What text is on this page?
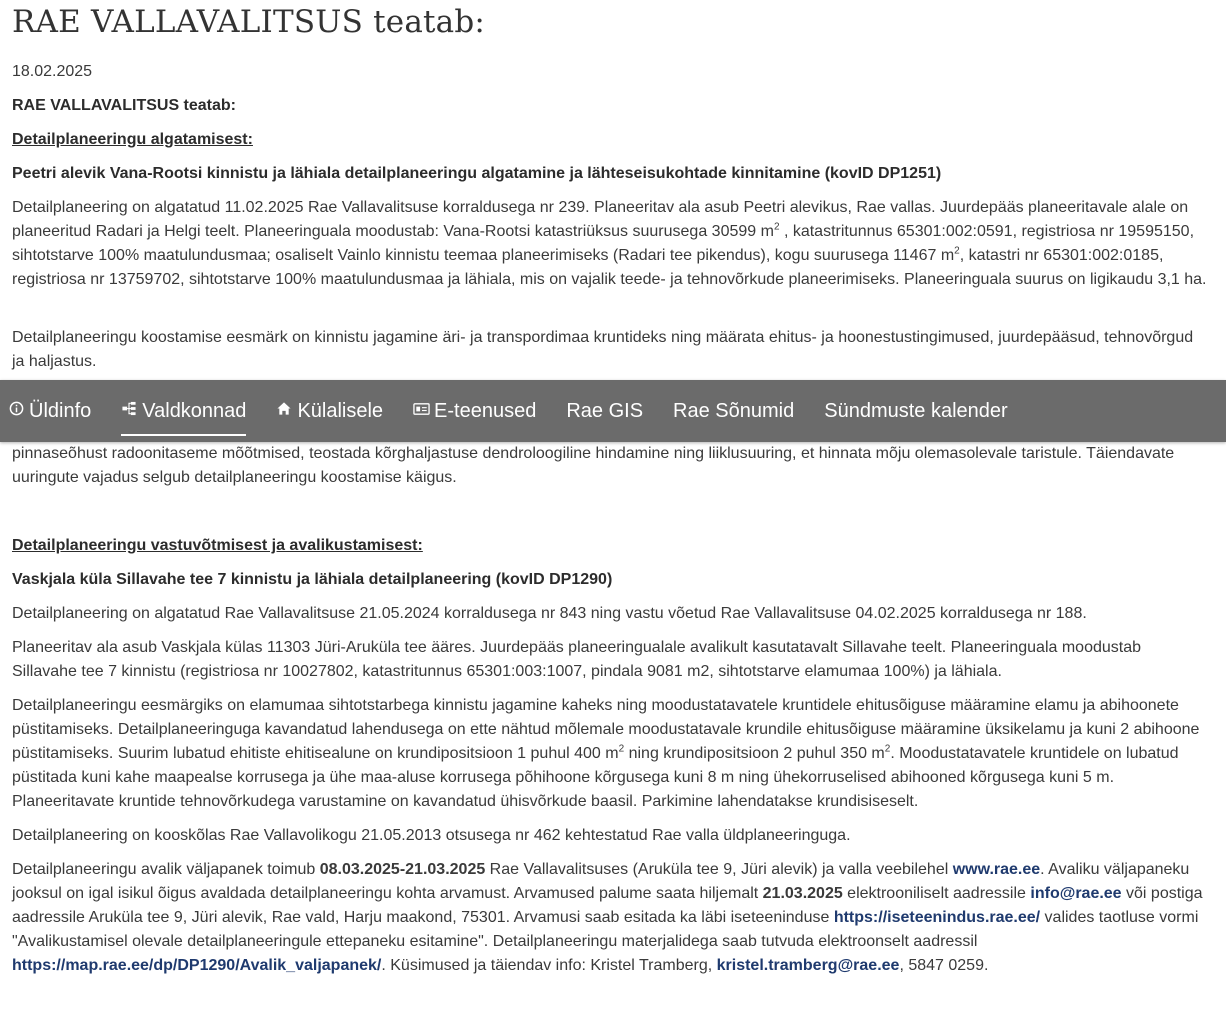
RAE VALLAVALITSUS teatab:

18.02.2025

RAE VALLAVALITSUS teatab:

Detailplaneeringu algatamisest:

Peetri alevik Vana-Rootsi kinnistu ja lähiala detailplaneeringu algatamine ja lähteseisukohtade kinnitamine (kovID DP1251)

Detailplaneering on algatatud 11.02.2025 Rae Vallavalitsuse korraldusega nr 239. Planeeritav ala asub Peetri alevikus, Rae vallas. Juurdepääs planeeritavale alale on planeeritud Radari ja Helgi teelt. Planeeringuala moodustab: Vana-Rootsi katastriüksus suurusega 30599 $m^2$ , katastritunnus 65301:002:0591, registriosa nr 19595150, sihtotstarve 100% maatulundusmaa; osaliselt Vainlo kinnistu teemaa planeerimiseks (Radari tee pikendus), kogu suurusega 11467 $m^2$, katastri nr 65301:002:0185, registriosa nr 13759702, sihtotstarve 100% maatulundusmaa ja lähiala, mis on vajalik teede- ja tehnovõrkude planeerimiseks. Planeeringuala suurus on ligikaudu 3,1 ha.

Detailplaneeringu koostamise eesmärk on kinnistu jagamine äri- ja transpordimaa kruntideks ning määrata ehitus- ja hoonestustingimused, juurdepääsud, tehnovõrgud ja haljastus.

pinnaseõhust radoonitaseme mõõtmised, teostada kõrghaljastuse dendroloogiline hindamine ning liiklusuuring, et hinnata mõju olemasolevale taristule. Täiendavate uuringute vajadus selgub detailplaneeringu koostamise käigus.

Detailplaneeringu vastuvõtmisest ja avalikustamisest:

Vaskjala küla Sillavahe tee 7 kinnistu ja lähiala detailplaneering (kovID DP1290)

Detailplaneering on algatatud Rae Vallavalitsuse 21.05.2024 korraldusega nr 843 ning vastu võetud Rae Vallavalitsuse 04.02.2025 korraldusega nr 188.

Planeeritav ala asub Vaskjala külas 11303 Jüri-Aruküla tee ääres. Juurdepääs planeeringualale avalikult kasutatavalt Sillavahe teelt. Planeeringuala moodustab Sillavahe tee 7 kinnistu (registriosa nr 10027802, katastritunnus 65301:003:1007, pindala 9081 m2, sihtotstarve elamumaa 100%) ja lähiala.

Detailplaneeringu eesmärgiks on elamumaa sihtotstarbega kinnistu jagamine kaheks ning moodustatavatele kruntidele ehitusõiguse määramine elamu ja abihoonete püstitamiseks. Detailplaneeringuga kavandatud lahendusega on ette nähtud mõlemale moodustatavale krundile ehitusõiguse määramine üksikelamu ja kuni 2 abihoone püstitamiseks. Suurim lubatud ehitiste ehitisealune on krundipositsioon 1 puhul 400 $m^2$ ning krundipositsioon 2 puhul 350 $m^2$. Moodustatavatele kruntidele on lubatud püstitada kuni kahe maapealse korrusega ja ühe maa-aluse korrusega põhihoone kõrgusega kuni 8 m ning ühekorruselised abihooned kõrgusega kuni 5 m. Planeeritavate kruntide tehnovõrkudega varustamine on kavandatud ühisvõrkude baasil. Parkimine lahendatakse krundisiseselt.

Detailplaneering on kooskõlas Rae Vallavolikogu 21.05.2013 otsusega nr 462 kehtestatud Rae valla üldplaneeringuga.

Detailplaneeringu avalik väljapanek toimub 08.03.2025-21.03.2025 Rae Vallavalitsuses (Aruküla tee 9, Jüri alevik) ja valla veebilehel www.rae.ee. Avaliku väljapaneku jooksul on igal isikul õigus avaldada detailplaneeringu kohta arvamust. Arvamused palume saata hiljemalt 21.03.2025 elektrooniliselt aadressile info@rae.ee või postiga aadressile Aruküla tee 9, Jüri alevik, Rae vald, Harju maakond, 75301. Arvamusi saab esitada ka läbi iseteeninduse https://iseteenindus.rae.ee/ valides taotluse vormi "Avalikustamisel olevale detailplaneeringule ettepaneku esitamine". Detailplaneeringu materjalidega saab tutvuda elektroonselt aadressil https://map.rae.ee/dp/DP1290/Avalik_valjapanek/. Küsimused ja täiendav info: Kristel Tramberg, kristel.tramberg@rae.ee, 5847 0259.

Üldinfo	Valdkonnad	Külalisele	E-teenused Rae GIS Rae Sõnumid Sündmuste kalender
